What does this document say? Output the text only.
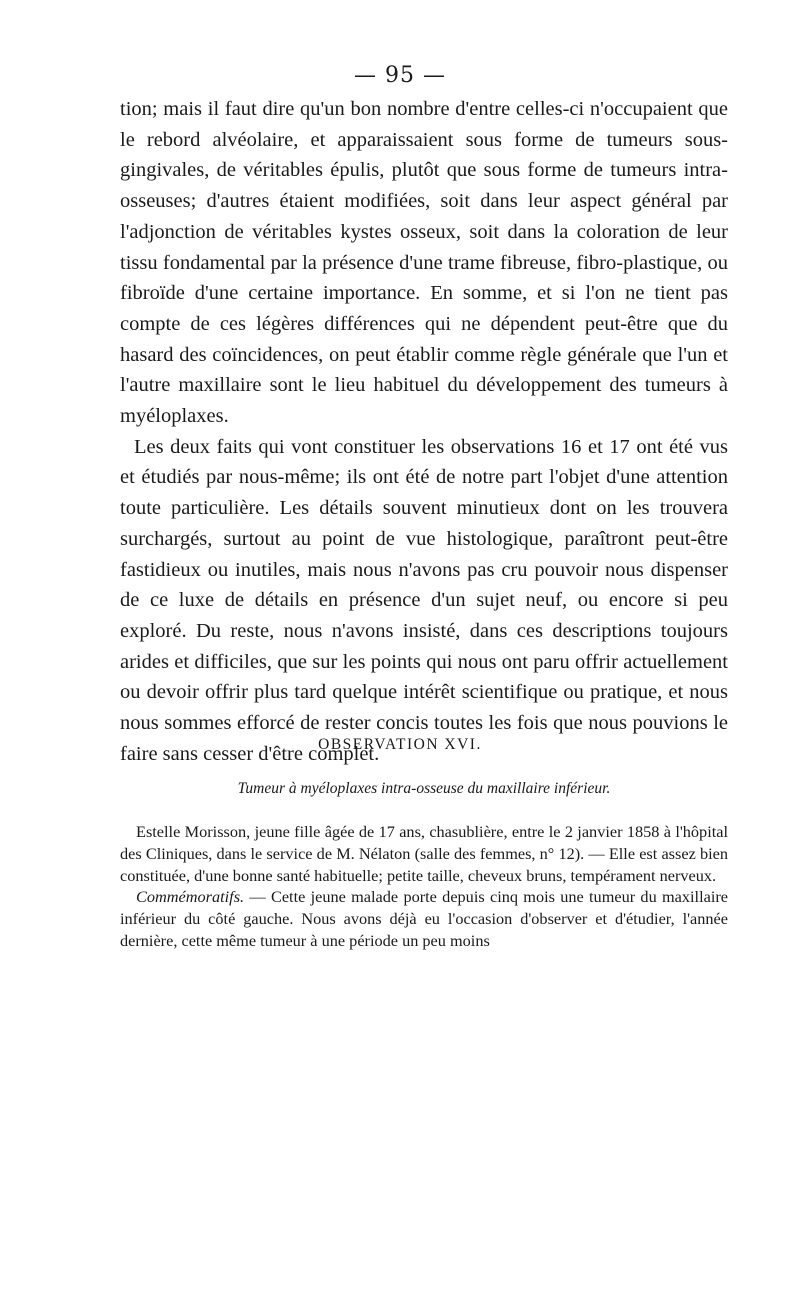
— 95 —

tion; mais il faut dire qu'un bon nombre d'entre celles-ci n'occupaient que le rebord alvéolaire, et apparaissaient sous forme de tumeurs sous-gingivales, de véritables épulis, plutôt que sous forme de tumeurs intra-osseuses; d'autres étaient modifiées, soit dans leur aspect général par l'adjonction de véritables kystes osseux, soit dans la coloration de leur tissu fondamental par la présence d'une trame fibreuse, fibro-plastique, ou fibroïde d'une certaine importance. En somme, et si l'on ne tient pas compte de ces légères différences qui ne dépendent peut-être que du hasard des coïncidences, on peut établir comme règle générale que l'un et l'autre maxillaire sont le lieu habituel du développement des tumeurs à myéloplaxes.

Les deux faits qui vont constituer les observations 16 et 17 ont été vus et étudiés par nous-même; ils ont été de notre part l'objet d'une attention toute particulière. Les détails souvent minutieux dont on les trouvera surchargés, surtout au point de vue histologique, paraîtront peut-être fastidieux ou inutiles, mais nous n'avons pas cru pouvoir nous dispenser de ce luxe de détails en présence d'un sujet neuf, ou encore si peu exploré. Du reste, nous n'avons insisté, dans ces descriptions toujours arides et difficiles, que sur les points qui nous ont paru offrir actuellement ou devoir offrir plus tard quelque intérêt scientifique ou pratique, et nous nous sommes efforcé de rester concis toutes les fois que nous pouvions le faire sans cesser d'être complet.

OBSERVATION XVI.
Tumeur à myéloplaxes intra-osseuse du maxillaire inférieur.

Estelle Morisson, jeune fille âgée de 17 ans, chasublière, entre le 2 janvier 1858 à l'hôpital des Cliniques, dans le service de M. Nélaton (salle des femmes, n° 12). — Elle est assez bien constituée, d'une bonne santé habituelle; petite taille, cheveux bruns, tempérament nerveux.

Commémoratifs. — Cette jeune malade porte depuis cinq mois une tumeur du maxillaire inférieur du côté gauche. Nous avons déjà eu l'occasion d'observer et d'étudier, l'année dernière, cette même tumeur à une période un peu moins
